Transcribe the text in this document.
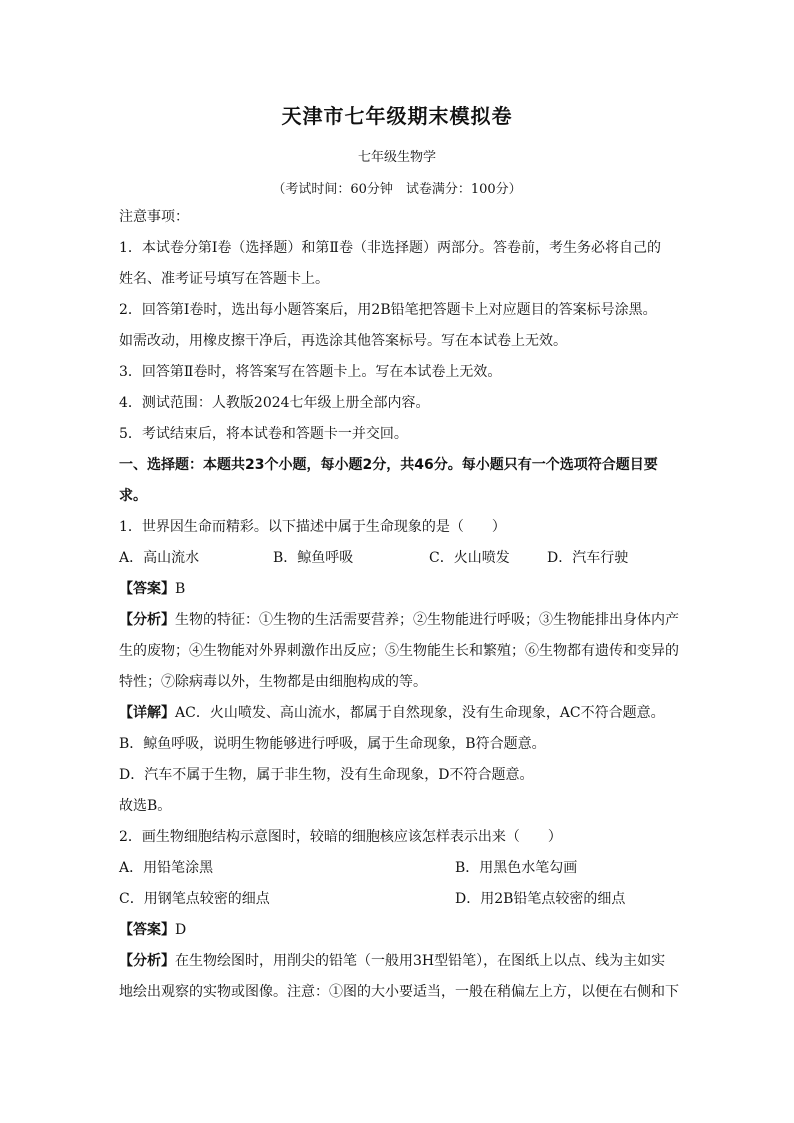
天津市七年级期末模拟卷
七年级生物学
（考试时间：60分钟　试卷满分：100分）
注意事项：
1．本试卷分第Ⅰ卷（选择题）和第Ⅱ卷（非选择题）两部分。答卷前，考生务必将自己的
姓名、准考证号填写在答题卡上。
2．回答第Ⅰ卷时，选出每小题答案后，用2B铅笔把答题卡上对应题目的答案标号涂黑。
如需改动，用橡皮擦干净后，再选涂其他答案标号。写在本试卷上无效。
3．回答第Ⅱ卷时，将答案写在答题卡上。写在本试卷上无效。
4．测试范围：人教版2024七年级上册全部内容。
5．考试结束后，将本试卷和答题卡一并交回。
一、选择题：本题共23个小题，每小题2分，共46分。每小题只有一个选项符合题目要
求。
1．世界因生命而精彩。以下描述中属于生命现象的是（　　）
A．高山流水	B．鲸鱼呼吸	C．火山喷发	D．汽车行驶
【答案】B
【分析】生物的特征：①生物的生活需要营养；②生物能进行呼吸；③生物能排出身体内产
生的废物；④生物能对外界刺激作出反应；⑤生物能生长和繁殖；⑥生物都有遗传和变异的
特性；⑦除病毒以外，生物都是由细胞构成的等。
【详解】AC．火山喷发、高山流水，都属于自然现象，没有生命现象，AC不符合题意。
B．鲸鱼呼吸，说明生物能够进行呼吸，属于生命现象，B符合题意。
D．汽车不属于生物，属于非生物，没有生命现象，D不符合题意。
故选B。
2．画生物细胞结构示意图时，较暗的细胞核应该怎样表示出来（　　）
A．用铅笔涂黑	B．用黑色水笔勾画
C．用钢笔点较密的细点	D．用2B铅笔点较密的细点
【答案】D
【分析】在生物绘图时，用削尖的铅笔（一般用3H型铅笔），在图纸上以点、线为主如实
地绘出观察的实物或图像。注意：①图的大小要适当，一般在稍偏左上方，以便在右侧和下
